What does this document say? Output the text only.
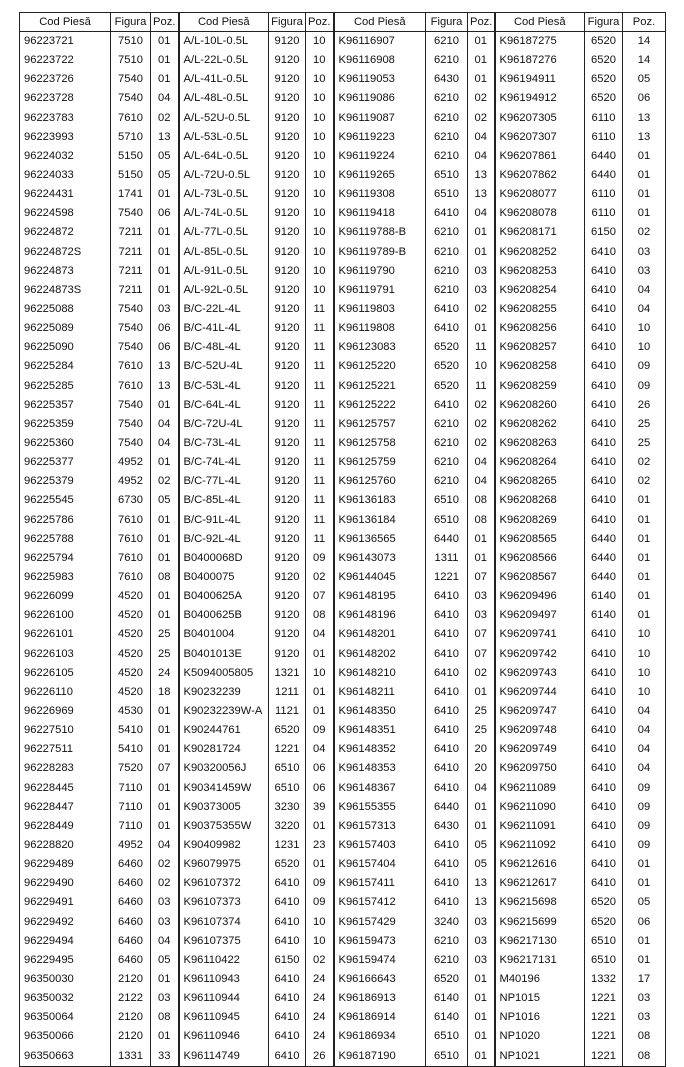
Cod Piesă	Figura	Poz.	Cod Piesă	Figura	Poz.	Cod Piesă	Figura	Poz.	Cod Piesă	Figura	Poz.
96223721	7510	01	A/L-10L-0.5L	9120	10	K96116907	6210	01	K96187275	6520	14
96223722	7510	01	A/L-22L-0.5L	9120	10	K96116908	6210	01	K96187276	6520	14
96223726	7540	01	A/L-41L-0.5L	9120	10	K96119053	6430	01	K96194911	6520	05
96223728	7540	04	A/L-48L-0.5L	9120	10	K96119086	6210	02	K96194912	6520	06
96223783	7610	02	A/L-52U-0.5L	9120	10	K96119087	6210	02	K96207305	6110	13
96223993	5710	13	A/L-53L-0.5L	9120	10	K96119223	6210	04	K96207307	6110	13
96224032	5150	05	A/L-64L-0.5L	9120	10	K96119224	6210	04	K96207861	6440	01
96224033	5150	05	A/L-72U-0.5L	9120	10	K96119265	6510	13	K96207862	6440	01
96224431	1741	01	A/L-73L-0.5L	9120	10	K96119308	6510	13	K96208077	6110	01
96224598	7540	06	A/L-74L-0.5L	9120	10	K96119418	6410	04	K96208078	6110	01
96224872	7211	01	A/L-77L-0.5L	9120	10	K96119788-B	6210	01	K96208171	6150	02
96224872S	7211	01	A/L-85L-0.5L	9120	10	K96119789-B	6210	01	K96208252	6410	03
96224873	7211	01	A/L-91L-0.5L	9120	10	K96119790	6210	03	K96208253	6410	03
96224873S	7211	01	A/L-92L-0.5L	9120	10	K96119791	6210	03	K96208254	6410	04
96225088	7540	03	B/C-22L-4L	9120	11	K96119803	6410	02	K96208255	6410	04
96225089	7540	06	B/C-41L-4L	9120	11	K96119808	6410	01	K96208256	6410	10
96225090	7540	06	B/C-48L-4L	9120	11	K96123083	6520	11	K96208257	6410	10
96225284	7610	13	B/C-52U-4L	9120	11	K96125220	6520	10	K96208258	6410	09
96225285	7610	13	B/C-53L-4L	9120	11	K96125221	6520	11	K96208259	6410	09
96225357	7540	01	B/C-64L-4L	9120	11	K96125222	6410	02	K96208260	6410	26
96225359	7540	04	B/C-72U-4L	9120	11	K96125757	6210	02	K96208262	6410	25
96225360	7540	04	B/C-73L-4L	9120	11	K96125758	6210	02	K96208263	6410	25
96225377	4952	01	B/C-74L-4L	9120	11	K96125759	6210	04	K96208264	6410	02
96225379	4952	02	B/C-77L-4L	9120	11	K96125760	6210	04	K96208265	6410	02
96225545	6730	05	B/C-85L-4L	9120	11	K96136183	6510	08	K96208268	6410	01
96225786	7610	01	B/C-91L-4L	9120	11	K96136184	6510	08	K96208269	6410	01
96225788	7610	01	B/C-92L-4L	9120	11	K96136565	6440	01	K96208565	6440	01
96225794	7610	01	B0400068D	9120	09	K96143073	1311	01	K96208566	6440	01
96225983	7610	08	B0400075	9120	02	K96144045	1221	07	K96208567	6440	01
96226099	4520	01	B0400625A	9120	07	K96148195	6410	03	K96209496	6140	01
96226100	4520	01	B0400625B	9120	08	K96148196	6410	03	K96209497	6140	01
96226101	4520	25	B0401004	9120	04	K96148201	6410	07	K96209741	6410	10
96226103	4520	25	B0401013E	9120	01	K96148202	6410	07	K96209742	6410	10
96226105	4520	24	K5094005805	1321	10	K96148210	6410	02	K96209743	6410	10
96226110	4520	18	K90232239	1211	01	K96148211	6410	01	K96209744	6410	10
96226969	4530	01	K90232239W-A	1121	01	K96148350	6410	25	K96209747	6410	04
96227510	5410	01	K90244761	6520	09	K96148351	6410	25	K96209748	6410	04
96227511	5410	01	K90281724	1221	04	K96148352	6410	20	K96209749	6410	04
96228283	7520	07	K90320056J	6510	06	K96148353	6410	20	K96209750	6410	04
96228445	7110	01	K90341459W	6510	06	K96148367	6410	04	K96211089	6410	09
96228447	7110	01	K90373005	3230	39	K96155355	6440	01	K96211090	6410	09
96228449	7110	01	K90375355W	3220	01	K96157313	6430	01	K96211091	6410	09
96228820	4952	04	K90409982	1231	23	K96157403	6410	05	K96211092	6410	09
96229489	6460	02	K96079975	6520	01	K96157404	6410	05	K96212616	6410	01
96229490	6460	02	K96107372	6410	09	K96157411	6410	13	K96212617	6410	01
96229491	6460	03	K96107373	6410	09	K96157412	6410	13	K96215698	6520	05
96229492	6460	03	K96107374	6410	10	K96157429	3240	03	K96215699	6520	06
96229494	6460	04	K96107375	6410	10	K96159473	6210	03	K96217130	6510	01
96229495	6460	05	K96110422	6150	02	K96159474	6210	03	K96217131	6510	01
96350030	2120	01	K96110943	6410	24	K96166643	6520	01	M40196	1332	17
96350032	2122	03	K96110944	6410	24	K96186913	6140	01	NP1015	1221	03
96350064	2120	08	K96110945	6410	24	K96186914	6140	01	NP1016	1221	03
96350066	2120	01	K96110946	6410	24	K96186934	6510	01	NP1020	1221	08
96350663	1331	33	K96114749	6410	26	K96187190	6510	01	NP1021	1221	08
